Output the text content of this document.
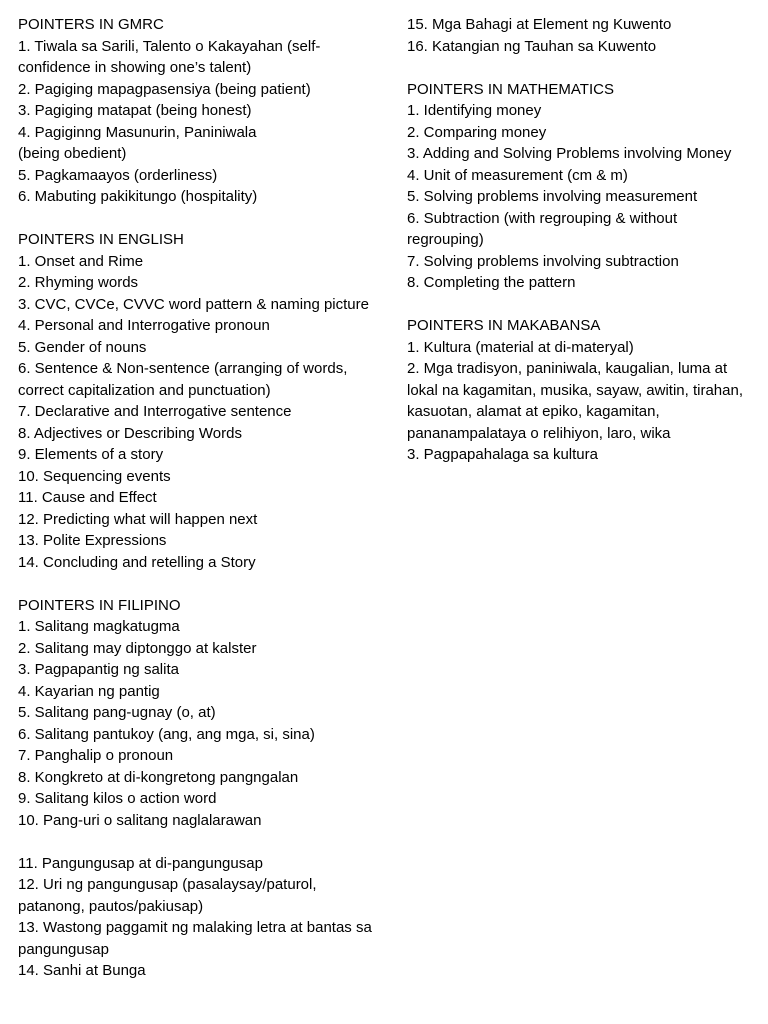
POINTERS IN GMRC
1. Tiwala sa Sarili, Talento o Kakayahan (self-confidence in showing one’s talent)
2. Pagiging mapagpasensiya (being patient)
3. Pagiging matapat (being honest)
4. Pagiginng Masunurin, Paniniwala
(being obedient)
5. Pagkamaayos (orderliness)
6. Mabuting pakikitungo (hospitality)
POINTERS IN ENGLISH
1. Onset and Rime
2. Rhyming words
3. CVC, CVCe, CVVC word pattern & naming picture
4. Personal and Interrogative pronoun
5. Gender of nouns
6. Sentence & Non-sentence (arranging of words, correct capitalization and punctuation)
7. Declarative and Interrogative sentence
8. Adjectives or Describing Words
9. Elements of a story
10. Sequencing events
11. Cause and Effect
12. Predicting what will happen next
13. Polite Expressions
14. Concluding and retelling a Story
POINTERS IN FILIPINO
1. Salitang magkatugma
2. Salitang may diptonggo at kalster
3. Pagpapantig ng salita
4. Kayarian ng pantig
5. Salitang pang-ugnay (o, at)
6. Salitang pantukoy (ang, ang mga, si, sina)
7. Panghalip o pronoun
8. Kongkreto at di-kongretong pangngalan
9. Salitang kilos o action word
10. Pang-uri o salitang naglalarawan
11. Pangungusap at di-pangungusap
12. Uri ng pangungusap (pasalaysay/paturol, patanong, pautos/pakiusap)
13. Wastong paggamit ng malaking letra at bantas sa pangungusap
14. Sanhi at Bunga
15. Mga Bahagi at Element ng Kuwento
16. Katangian ng Tauhan sa Kuwento
POINTERS IN MATHEMATICS
1. Identifying money
2. Comparing money
3. Adding and Solving Problems involving Money
4. Unit of measurement (cm & m)
5. Solving problems involving measurement
6. Subtraction (with regrouping & without regrouping)
7. Solving problems involving subtraction
8. Completing the pattern
POINTERS IN MAKABANSA
1. Kultura (material at di-materyal)
2. Mga tradisyon, paniniwala, kaugalian, luma at lokal na kagamitan, musika, sayaw, awitin, tirahan, kasuotan, alamat at epiko, kagamitan, pananampalataya o relihiyon, laro, wika
3. Pagpapahalaga sa kultura
